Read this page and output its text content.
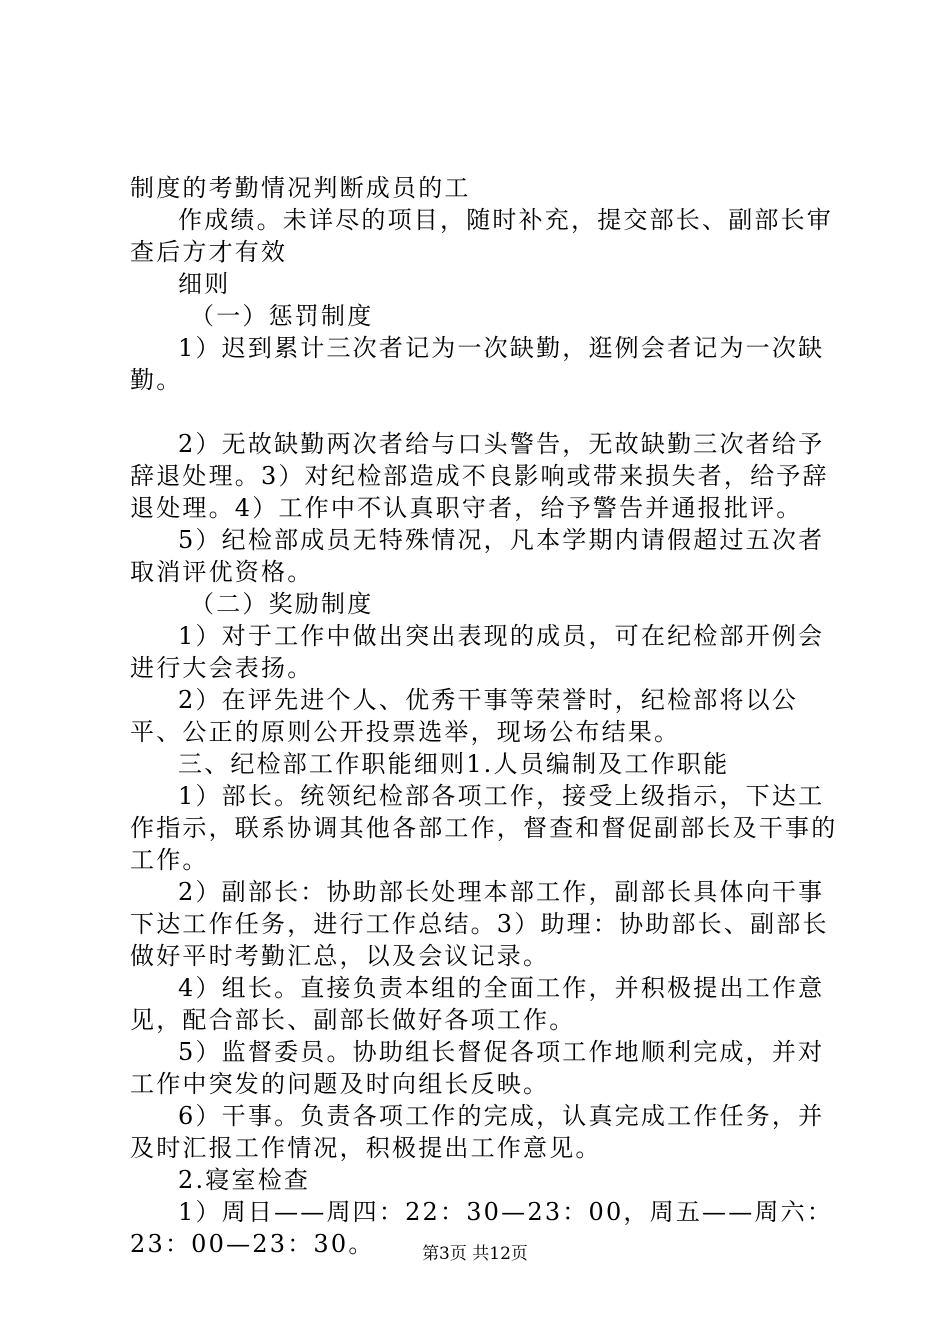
制度的考勤情况判断成员的工

作成绩。未详尽的项目，随时补充，提交部长、副部长审查后方才有效

细则

（一）惩罚制度

1）迟到累计三次者记为一次缺勤，逛例会者记为一次缺勤。

2）无故缺勤两次者给与口头警告，无故缺勤三次者给予辞退处理。3）对纪检部造成不良影响或带来损失者，给予辞退处理。4）工作中不认真职守者，给予警告并通报批评。

5）纪检部成员无特殊情况，凡本学期内请假超过五次者取消评优资格。

（二）奖励制度

1）对于工作中做出突出表现的成员，可在纪检部开例会进行大会表扬。

2）在评先进个人、优秀干事等荣誉时，纪检部将以公平、公正的原则公开投票选举，现场公布结果。

三、纪检部工作职能细则1.人员编制及工作职能

1）部长。统领纪检部各项工作，接受上级指示，下达工作指示，联系协调其他各部工作，督查和督促副部长及干事的工作。

2）副部长：协助部长处理本部工作，副部长具体向干事下达工作任务，进行工作总结。3）助理：协助部长、副部长做好平时考勤汇总，以及会议记录。

4）组长。直接负责本组的全面工作，并积极提出工作意见，配合部长、副部长做好各项工作。

5）监督委员。协助组长督促各项工作地顺利完成，并对工作中突发的问题及时向组长反映。

6）干事。负责各项工作的完成，认真完成工作任务，并及时汇报工作情况，积极提出工作意见。

2.寝室检查

1）周日——周四：22：30—23：00，周五——周六：23：00—23：30。	第3页 共12页
